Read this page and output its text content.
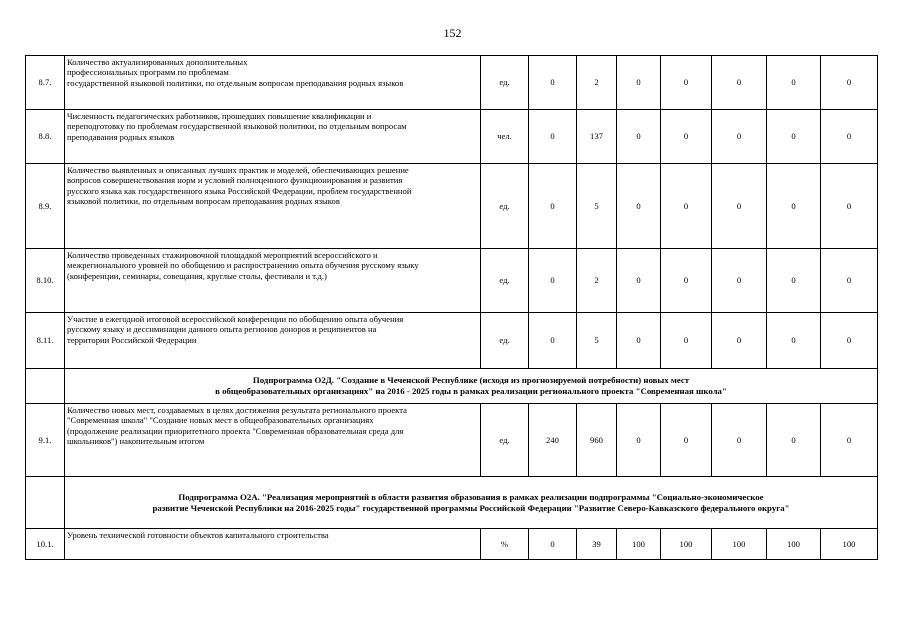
152
8.7.	Количество актуализированных дополнительных
профессиональных программ по проблемам
государственной языковой политики, по отдельным вопросам преподавания родных языков	ед.	0	2	0	0	0	0	0
8.8.	Численность педагогических работников, прошедших повышение квалификации и
переподготовку по проблемам государственной языковой политики, по отдельным вопросам
преподавания родных языков	чел.	0	137	0	0	0	0	0
8.9.	Количество выявленных и описанных лучших практик и моделей, обеспечивающих решение
вопросов совершенствования норм и условий полноценного функционирования и развития
русского языка как государственного языка Российской Федерации, проблем государственной
языковой политики, по отдельным вопросам преподавания родных языков	ед.	0	5	0	0	0	0	0
8.10.	Количество проведенных стажировочной площадкой мероприятий всероссийского и
межрегионального уровней по обобщению и распространению опыта обучения русскому языку
(конференции, семинары, совещания, круглые столы, фестивали и т.д.)	ед.	0	2	0	0	0	0	0
8.11.	Участие в ежегодной итоговой всероссийской конференции по обобщению опыта обучения
русскому языку и десснминации данного опыта регионов доноров и реципиентов на
территории Российской Федерации	ед.	0	5	0	0	0	0	0

	Подпрограмма О2Д. "Создание в Чеченской Республике (исходя из прогнозируемой потребности) новых мест
в общеобразовательных организациях" на 2016 - 2025 годы в рамках реализации регионального проекта "Современная школа"								

9.1.	Количество новых мест, создаваемых в целях достижения результата регионального проекта
"Современная школа" "Создание новых мест в общеобразовательных организациях
(продолжение реализации приоритетного проекта "Современная образовательная среда для
школьников") накопительным итогом	ед.	240	960	0	0	0	0	0

	Подпрограмма О2А. "Реализация мероприятий в области развития образования в рамках реализации подпрограммы "Социально-экономическое
развитие Чеченской Республики на 2016-2025 годы" государственной программы Российской Федерации "Развитие Северо-Кавказского федерального округа"								

10.1.	Уровень технической готовности объектов капитального строительства	%	0	39	100	100	100	100	100
